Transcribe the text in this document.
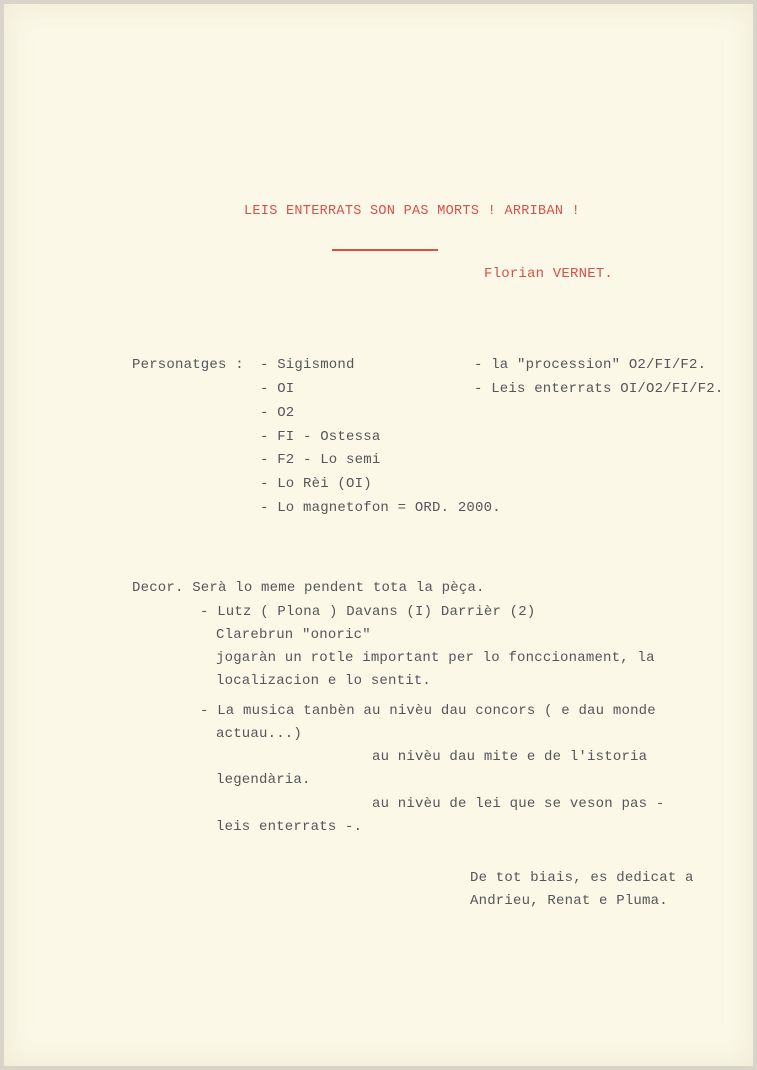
LEIS ENTERRATS SON PAS MORTS ! ARRIBAN !
Florian VERNET.
Personatges : - Sigismond
- OI
- O2
- FI - Ostessa
- F2 - Lo semi
- Lo Rèi (OI)
- Lo magnetofon = ORD. 2000.
- la "procession" O2/FI/F2.
- Leis enterrats OI/O2/FI/F2.
Decor. Serà lo meme pendent tota la pèça.
- Lutz ( Plona ) Davans (I) Darrièr (2)
Clarebrun "onoric"
jogaràn un rotle important per lo foncсionament, la
localizacion e lo sentit.
- La musica tanbèn au nivèu dau concors ( e dau monde
actuau...)
au nivèu dau mite e de l'istoria
legendària.
au nivèu de lei que se veson pas -
leis enterrats -.
De tot biais, es dedicat a
Andrieu, Renat e Pluma.
